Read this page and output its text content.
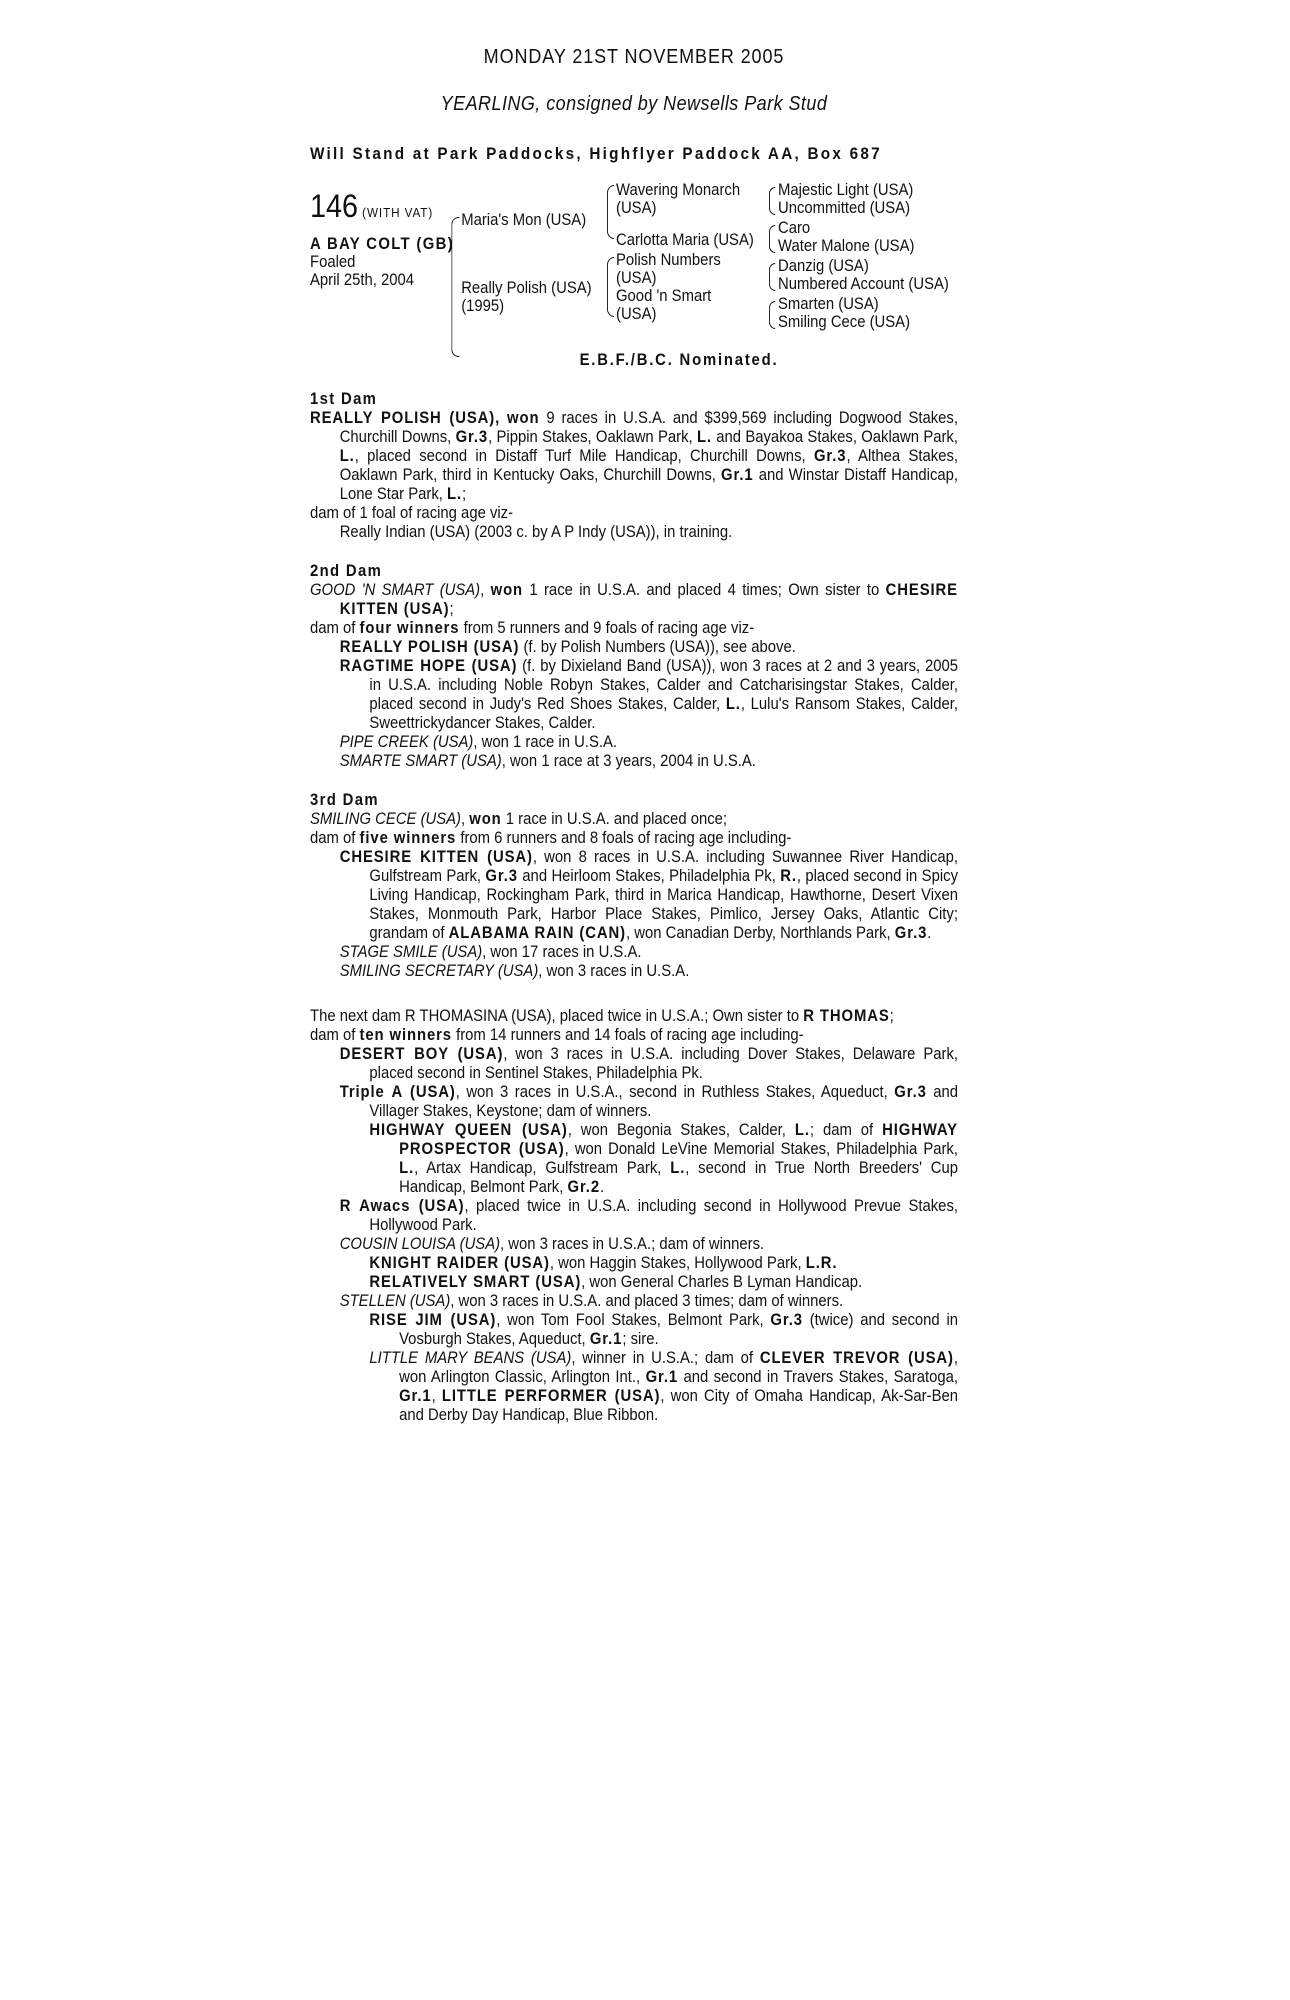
MONDAY 21ST NOVEMBER 2005
YEARLING, consigned by Newsells Park Stud
Will Stand at Park Paddocks, Highflyer Paddock AA, Box 687
146 (WITH VAT)
A BAY COLT (GB)
Foaled
April 25th, 2004
Maria's Mon (USA)
Really Polish (USA)
(1995)
Wavering Monarch
(USA)
Carlotta Maria (USA)
Polish Numbers
(USA)
Good 'n Smart
(USA)
Majestic Light (USA)
Uncommitted (USA)
Caro
Water Malone (USA)
Danzig (USA)
Numbered Account (USA)
Smarten (USA)
Smiling Cece (USA)
E.B.F./B.C. Nominated.
1st Dam

REALLY POLISH (USA), won 9 races in U.S.A. and $399,569 including Dogwood Stakes, Churchill Downs, Gr.3, Pippin Stakes, Oaklawn Park, L. and Bayakoa Stakes, Oaklawn Park, L., placed second in Distaff Turf Mile Handicap, Churchill Downs, Gr.3, Althea Stakes, Oaklawn Park, third in Kentucky Oaks, Churchill Downs, Gr.1 and Winstar Distaff Handicap, Lone Star Park, L.;

dam of 1 foal of racing age viz-

Really Indian (USA) (2003 c. by A P Indy (USA)), in training.

2nd Dam

GOOD 'N SMART (USA), won 1 race in U.S.A. and placed 4 times; Own sister to CHESIRE KITTEN (USA);

dam of four winners from 5 runners and 9 foals of racing age viz-

REALLY POLISH (USA) (f. by Polish Numbers (USA)), see above.

RAGTIME HOPE (USA) (f. by Dixieland Band (USA)), won 3 races at 2 and 3 years, 2005 in U.S.A. including Noble Robyn Stakes, Calder and Catcharisingstar Stakes, Calder, placed second in Judy's Red Shoes Stakes, Calder, L., Lulu's Ransom Stakes, Calder, Sweettrickydancer Stakes, Calder.

PIPE CREEK (USA), won 1 race in U.S.A.

SMARTE SMART (USA), won 1 race at 3 years, 2004 in U.S.A.

3rd Dam

SMILING CECE (USA), won 1 race in U.S.A. and placed once;

dam of five winners from 6 runners and 8 foals of racing age including-

CHESIRE KITTEN (USA), won 8 races in U.S.A. including Suwannee River Handicap, Gulfstream Park, Gr.3 and Heirloom Stakes, Philadelphia Pk, R., placed second in Spicy Living Handicap, Rockingham Park, third in Marica Handicap, Hawthorne, Desert Vixen Stakes, Monmouth Park, Harbor Place Stakes, Pimlico, Jersey Oaks, Atlantic City; grandam of ALABAMA RAIN (CAN), won Canadian Derby, Northlands Park, Gr.3.

STAGE SMILE (USA), won 17 races in U.S.A.

SMILING SECRETARY (USA), won 3 races in U.S.A.

The next dam R THOMASINA (USA), placed twice in U.S.A.; Own sister to R THOMAS;

dam of ten winners from 14 runners and 14 foals of racing age including-

DESERT BOY (USA), won 3 races in U.S.A. including Dover Stakes, Delaware Park, placed second in Sentinel Stakes, Philadelphia Pk.

Triple A (USA), won 3 races in U.S.A., second in Ruthless Stakes, Aqueduct, Gr.3 and Villager Stakes, Keystone; dam of winners.

HIGHWAY QUEEN (USA), won Begonia Stakes, Calder, L.; dam of HIGHWAY PROSPECTOR (USA), won Donald LeVine Memorial Stakes, Philadelphia Park, L., Artax Handicap, Gulfstream Park, L., second in True North Breeders' Cup Handicap, Belmont Park, Gr.2.

R Awacs (USA), placed twice in U.S.A. including second in Hollywood Prevue Stakes, Hollywood Park.

COUSIN LOUISA (USA), won 3 races in U.S.A.; dam of winners.

KNIGHT RAIDER (USA), won Haggin Stakes, Hollywood Park, L.R.

RELATIVELY SMART (USA), won General Charles B Lyman Handicap.

STELLEN (USA), won 3 races in U.S.A. and placed 3 times; dam of winners.

RISE JIM (USA), won Tom Fool Stakes, Belmont Park, Gr.3 (twice) and second in Vosburgh Stakes, Aqueduct, Gr.1; sire.

LITTLE MARY BEANS (USA), winner in U.S.A.; dam of CLEVER TREVOR (USA), won Arlington Classic, Arlington Int., Gr.1 and second in Travers Stakes, Saratoga, Gr.1, LITTLE PERFORMER (USA), won City of Omaha Handicap, Ak-Sar-Ben and Derby Day Handicap, Blue Ribbon.
